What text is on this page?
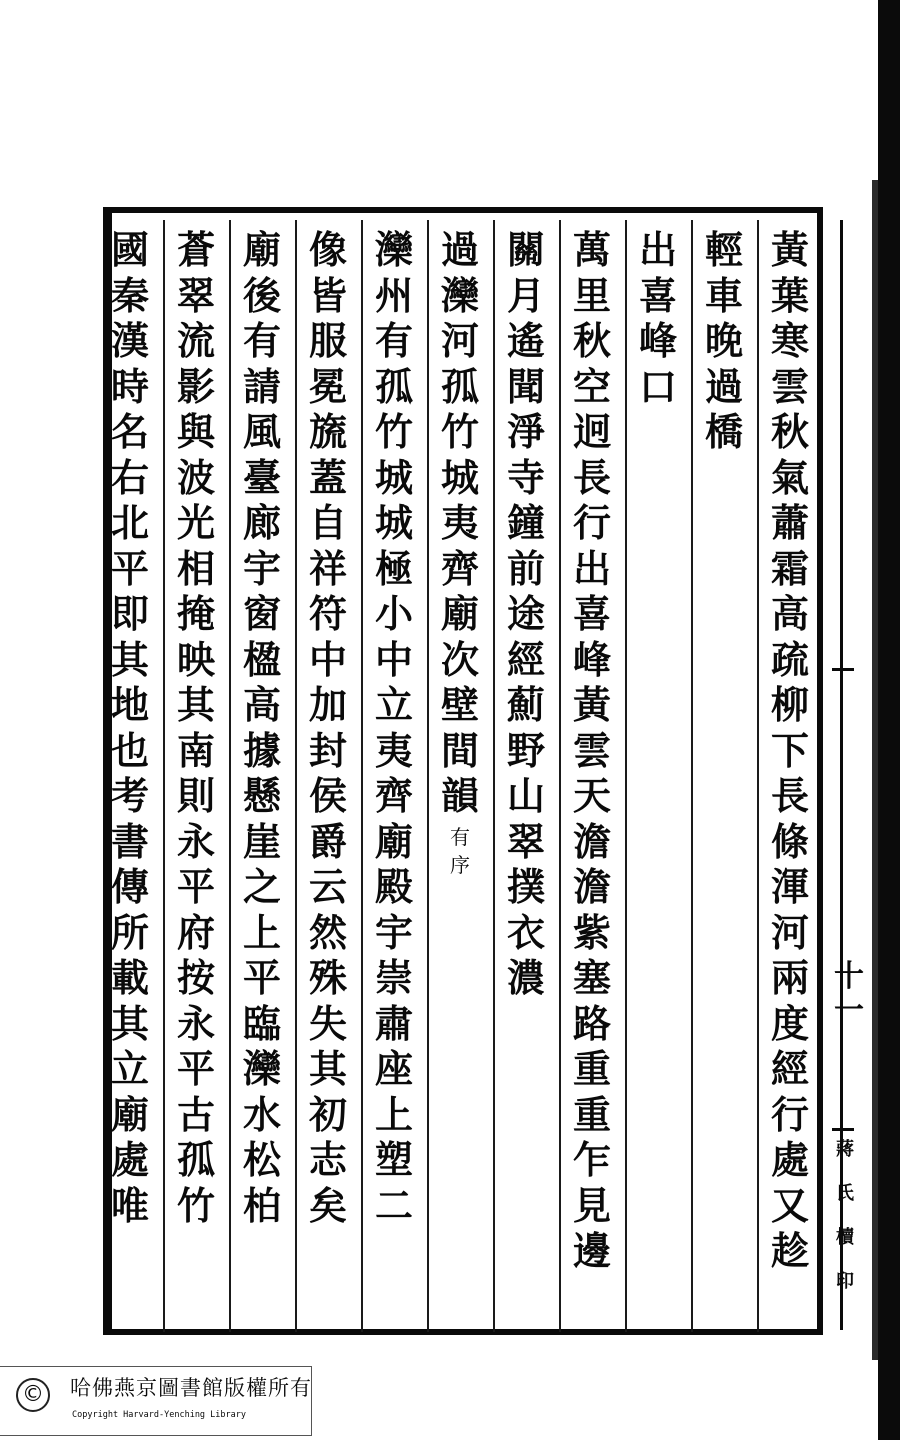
黃
葉
寒
雲
秋
氣
蕭
霜
高
疏
柳
下
長
條
渾
河
兩
度
經
行
處
又
趁
輕
車
晚
過
橋
出
喜
峰
口
萬
里
秋
空
迥
長
行
出
喜
峰
黃
雲
天
澹
澹
紫
塞
路
重
重
乍
見
邊
關
月
遙
聞
淨
寺
鐘
前
途
經
薊
野
山
翠
撲
衣
濃
過
灤
河
孤
竹
城
夷
齊
廟
次
壁
間
韻
有
序
灤
州
有
孤
竹
城
城
極
小
中
立
夷
齊
廟
殿
宇
崇
肅
座
上
塑
二
像
皆
服
冕
旒
蓋
自
祥
符
中
加
封
侯
爵
云
然
殊
失
其
初
志
矣
廟
後
有
請
風
臺
廊
宇
窗
楹
高
據
懸
崖
之
上
平
臨
灤
水
松
柏
蒼
翠
流
影
與
波
光
相
掩
映
其
南
則
永
平
府
按
永
平
古
孤
竹
國
秦
漢
時
名
右
北
平
即
其
地
也
考
書
傳
所
載
其
立
廟
處
唯
十
一
蔣
氏
櫝
印
© 哈佛燕京圖書館版權所有
Copyright Harvard-Yenching Library
